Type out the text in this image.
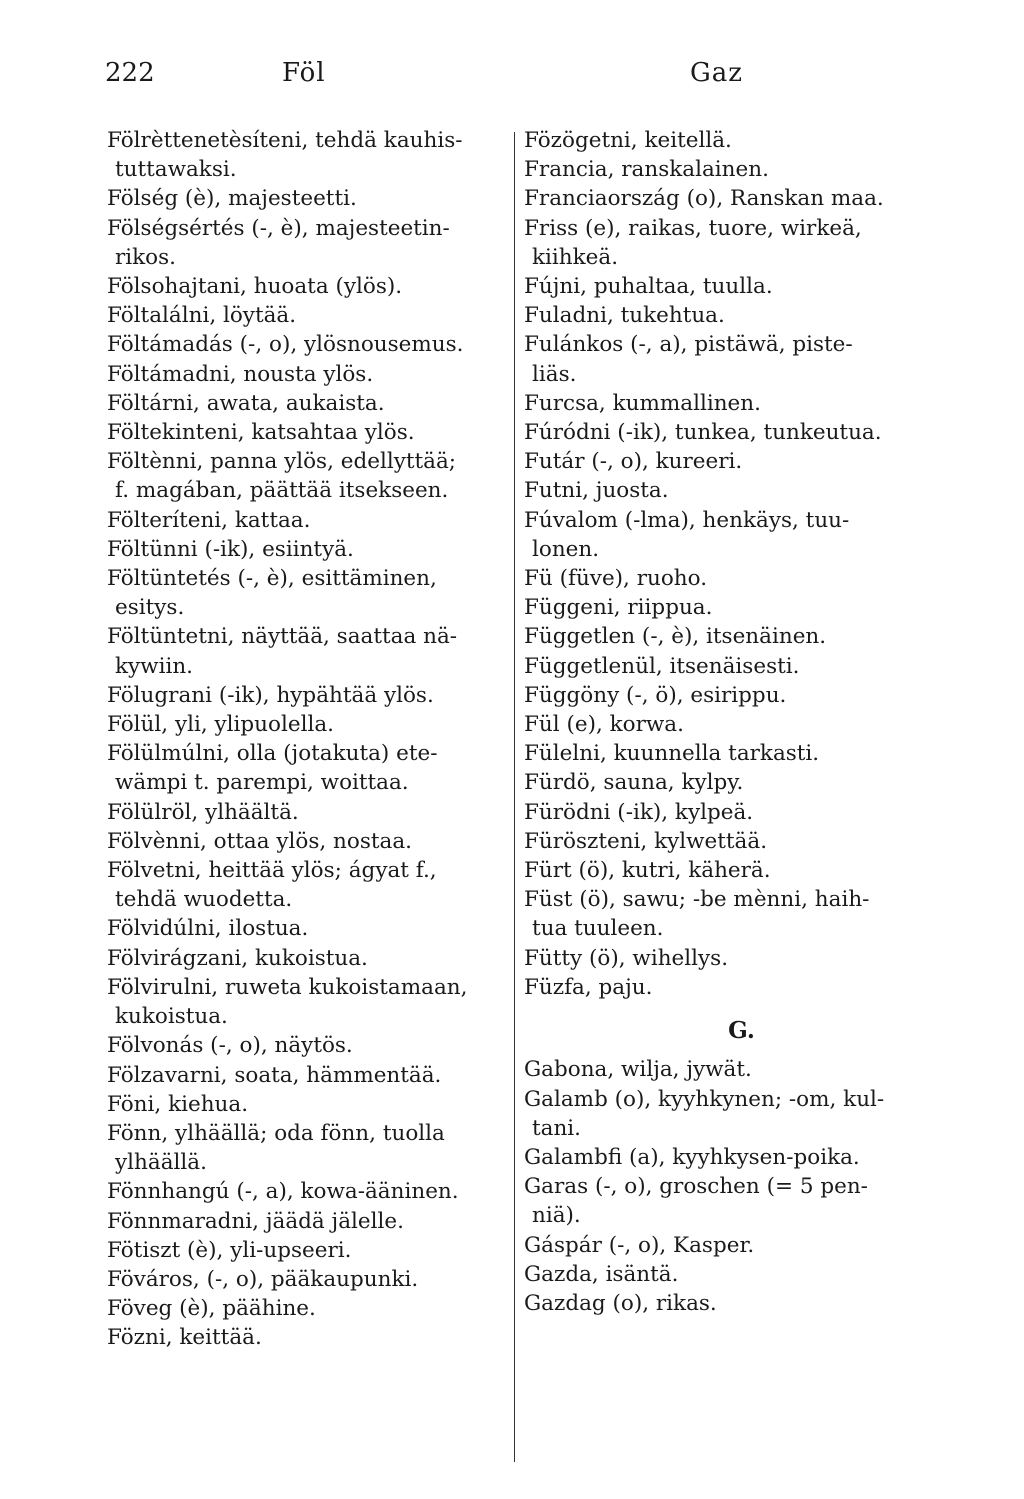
222	Föl	Gaz
Fölrèttenetèsíteni, tehdä kauhis-
tuttawaksi.
Fölség (è), majesteetti.
Fölségsértés (-, è), majesteetin-
rikos.
Fölsohajtani, huoata (ylös).
Föltalálni, löytää.
Föltámadás (-, o), ylösnousemus.
Föltámadni, nousta ylös.
Föltárni, awata, aukaista.
Föltekinteni, katsahtaa ylös.
Föltènni, panna ylös, edellyttää;
f. magában, päättää itsekseen.
Fölteríteni, kattaa.
Föltünni (-ik), esiintyä.
Föltüntetés (-, è), esittäminen,
esitys.
Föltüntetni, näyttää, saattaa nä-
kywiin.
Fölugrani (-ik), hypähtää ylös.
Fölül, yli, ylipuolella.
Fölülmúlni, olla (jotakuta) ete-
wämpi t. parempi, woittaa.
Fölülröl, ylhäältä.
Fölvènni, ottaa ylös, nostaa.
Fölvetni, heittää ylös; ágyat f.,
tehdä wuodetta.
Fölvidúlni, ilostua.
Fölvirágzani, kukoistua.
Fölvirulni, ruweta kukoistamaan,
kukoistua.
Fölvonás (-, o), näytös.
Fölzavarni, soata, hämmentää.
Föni, kiehua.
Fönn, ylhäällä; oda fönn, tuolla
ylhäällä.
Fönnhangú (-, a), kowa-ääninen.
Fönnmaradni, jäädä jälelle.
Fötiszt (è), yli-upseeri.
Föváros, (-, o), pääkaupunki.
Föveg (è), päähine.
Fözni, keittää.
Fözögetni, keitellä.
Francia, ranskalainen.
Franciaország (o), Ranskan maa.
Friss (e), raikas, tuore, wirkeä,
kiihkeä.
Fújni, puhaltaa, tuulla.
Fuladni, tukehtua.
Fulánkos (-, a), pistäwä, piste-
liäs.
Furcsa, kummallinen.
Fúródni (-ik), tunkea, tunkeutua.
Futár (-, o), kureeri.
Futni, juosta.
Fúvalom (-lma), henkäys, tuu-
lonen.
Fü (füve), ruoho.
Függeni, riippua.
Független (-, è), itsenäinen.
Függetlenül, itsenäisesti.
Függöny (-, ö), esirippu.
Fül (e), korwa.
Fülelni, kuunnella tarkasti.
Fürdö, sauna, kylpy.
Fürödni (-ik), kylpeä.
Füröszteni, kylwettää.
Fürt (ö), kutri, käherä.
Füst (ö), sawu; -be mènni, haih-
tua tuuleen.
Fütty (ö), wihellys.
Füzfa, paju.
G.
Gabona, wilja, jywät.
Galamb (o), kyyhkynen; -om, kul-
tani.
Galambfi (a), kyyhkysen-poika.
Garas (-, o), groschen (= 5 pen-
niä).
Gáspár (-, o), Kasper.
Gazda, isäntä.
Gazdag (o), rikas.
